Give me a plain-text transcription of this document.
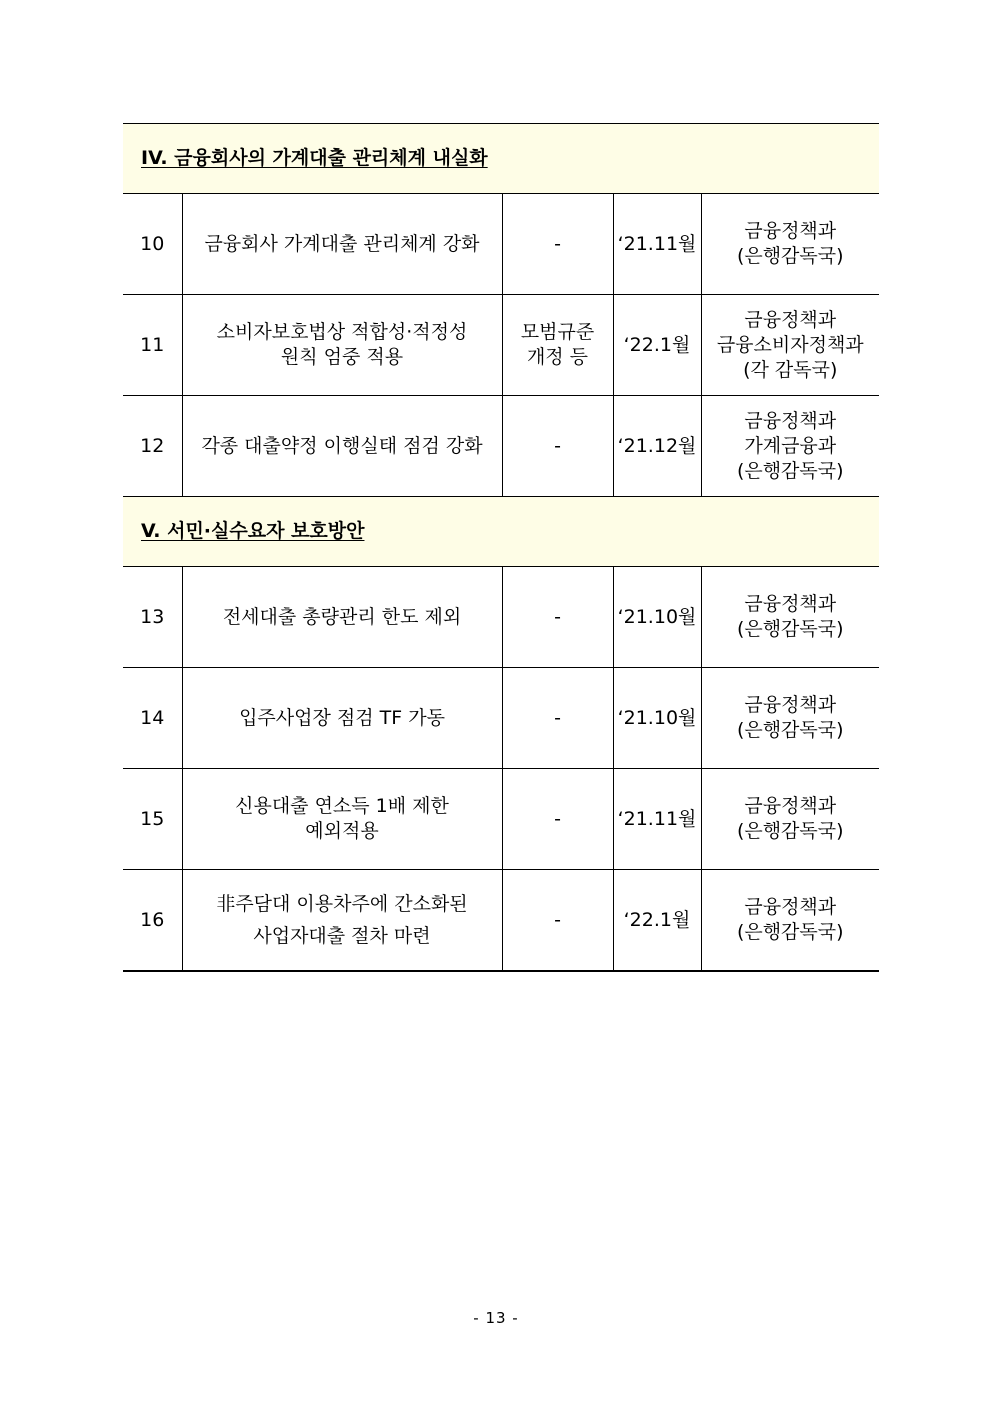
IV. 금융회사의 가계대출 관리체계 내실화				
10	금융회사 가계대출 관리체계 강화	-	‘21.11월	금융정책과
(은행감독국)

11	소비자보호법상 적합성·적정성
원칙 엄중 적용	모범규준
개정 등	‘22.1월	금융정책과
금융소비자정책과
(각 감독국)

12	각종 대출약정 이행실태 점검 강화	-	‘21.12월	금융정책과
가계금융과
(은행감독국)

V. 서민·실수요자 보호방안				
13	전세대출 총량관리 한도 제외	-	‘21.10월	금융정책과
(은행감독국)

14	입주사업장 점검 TF 가동	-	‘21.10월	금융정책과
(은행감독국)

15	신용대출 연소득 1배 제한
예외적용	-	‘21.11월	금융정책과
(은행감독국)

16	非주담대 이용차주에 간소화된
사업자대출 절차 마련	-	‘22.1월	금융정책과
(은행감독국)
- 13 -
